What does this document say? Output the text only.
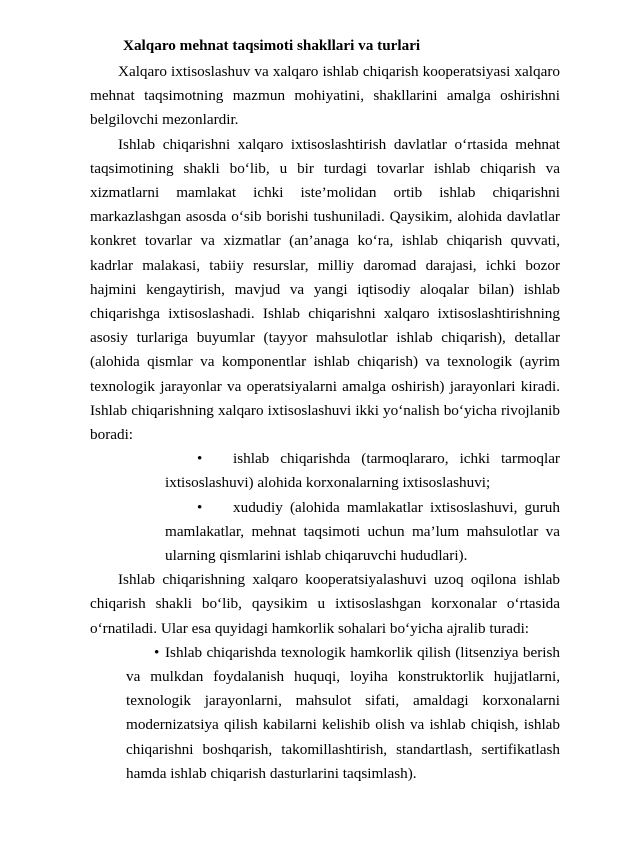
Xalqaro mehnat taqsimoti shakllari va turlari

Xalqaro ixtisoslashuv va xalqaro ishlab chiqarish kooperatsiyasi xalqaro mehnat taqsimotning mazmun mohiyatini, shakllarini amalga oshirishni belgilovchi mezonlardir.

Ishlab chiqarishni xalqaro ixtisoslashtirish davlatlar o‘rtasida mehnat taqsimotining shakli bo‘lib, u bir turdagi tovarlar ishlab chiqarish va xizmatlarni mamlakat ichki iste’molidan ortib ishlab chiqarishni markazlashgan asosda o‘sib borishi tushuniladi. Qaysikim, alohida davlatlar konkret tovarlar va xizmatlar (an’anaga ko‘ra, ishlab chiqarish quvvati, kadrlar malakasi, tabiiy resurslar, milliy daromad darajasi, ichki bozor hajmini kengaytirish, mavjud va yangi iqtisodiy aloqalar bilan) ishlab chiqarishga ixtisoslashadi. Ishlab chiqarishni xalqaro ixtisoslashtirishning asosiy turlariga buyumlar (tayyor mahsulotlar ishlab chiqarish), detallar (alohida qismlar va komponentlar ishlab chiqarish) va texnologik (ayrim texnologik jarayonlar va operatsiyalarni amalga oshirish) jarayonlari kiradi. Ishlab chiqarishning xalqaro ixtisoslashuvi ikki yo‘nalish bo‘yicha rivojlanib boradi:

• ishlab chiqarishda (tarmoqlararo, ichki tarmoqlar ixtisoslashuvi) alohida korxonalarning ixtisoslashuvi;

• xududiy (alohida mamlakatlar ixtisoslashuvi, guruh mamlakatlar, mehnat taqsimoti uchun ma’lum mahsulotlar va ularning qismlarini ishlab chiqaruvchi hududlari).

Ishlab chiqarishning xalqaro kooperatsiyalashuvi uzoq oqilona ishlab chiqarish shakli bo‘lib, qaysikim u ixtisoslashgan korxonalar o‘rtasida o‘rnatiladi. Ular esa quyidagi hamkorlik sohalari bo‘yicha ajralib turadi:

• Ishlab chiqarishda texnologik hamkorlik qilish (litsenziya berish va mulkdan foydalanish huquqi, loyiha konstruktorlik hujjatlarni, texnologik jarayonlarni, mahsulot sifati, amaldagi korxonalarni modernizatsiya qilish kabilarni kelishib olish va ishlab chiqish, ishlab chiqarishni boshqarish, takomillashtirish, standartlash, sertifikatlash hamda ishlab chiqarish dasturlarini taqsimlash).
